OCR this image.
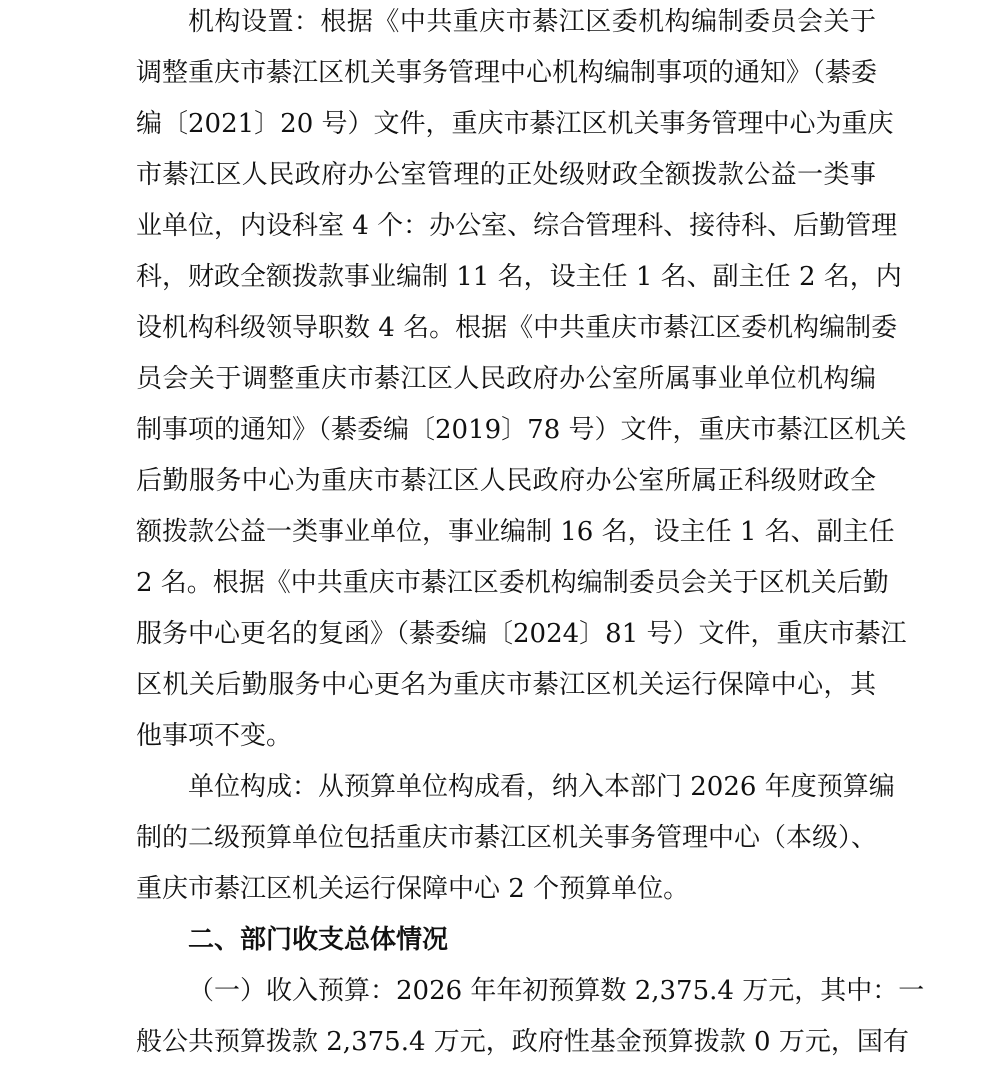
机构设置：根据《中共重庆市綦江区委机构编制委员会关于
调整重庆市綦江区机关事务管理中心机构编制事项的通知》（綦委
编〔2021〕20 号）文件，重庆市綦江区机关事务管理中心为重庆
市綦江区人民政府办公室管理的正处级财政全额拨款公益一类事
业单位，内设科室 4 个：办公室、综合管理科、接待科、后勤管理
科，财政全额拨款事业编制 11 名，设主任 1 名、副主任 2 名，内
设机构科级领导职数 4 名。根据《中共重庆市綦江区委机构编制委
员会关于调整重庆市綦江区人民政府办公室所属事业单位机构编
制事项的通知》（綦委编〔2019〕78 号）文件，重庆市綦江区机关
后勤服务中心为重庆市綦江区人民政府办公室所属正科级财政全
额拨款公益一类事业单位，事业编制 16 名，设主任 1 名、副主任
2 名。根据《中共重庆市綦江区委机构编制委员会关于区机关后勤
服务中心更名的复函》（綦委编〔2024〕81 号）文件，重庆市綦江
区机关后勤服务中心更名为重庆市綦江区机关运行保障中心，其
他事项不变。
单位构成：从预算单位构成看，纳入本部门 2026 年度预算编
制的二级预算单位包括重庆市綦江区机关事务管理中心（本级）、
重庆市綦江区机关运行保障中心 2 个预算单位。
二、部门收支总体情况
（一）收入预算：2026 年年初预算数 2,375.4 万元，其中：一
般公共预算拨款 2,375.4 万元，政府性基金预算拨款 0 万元，国有
